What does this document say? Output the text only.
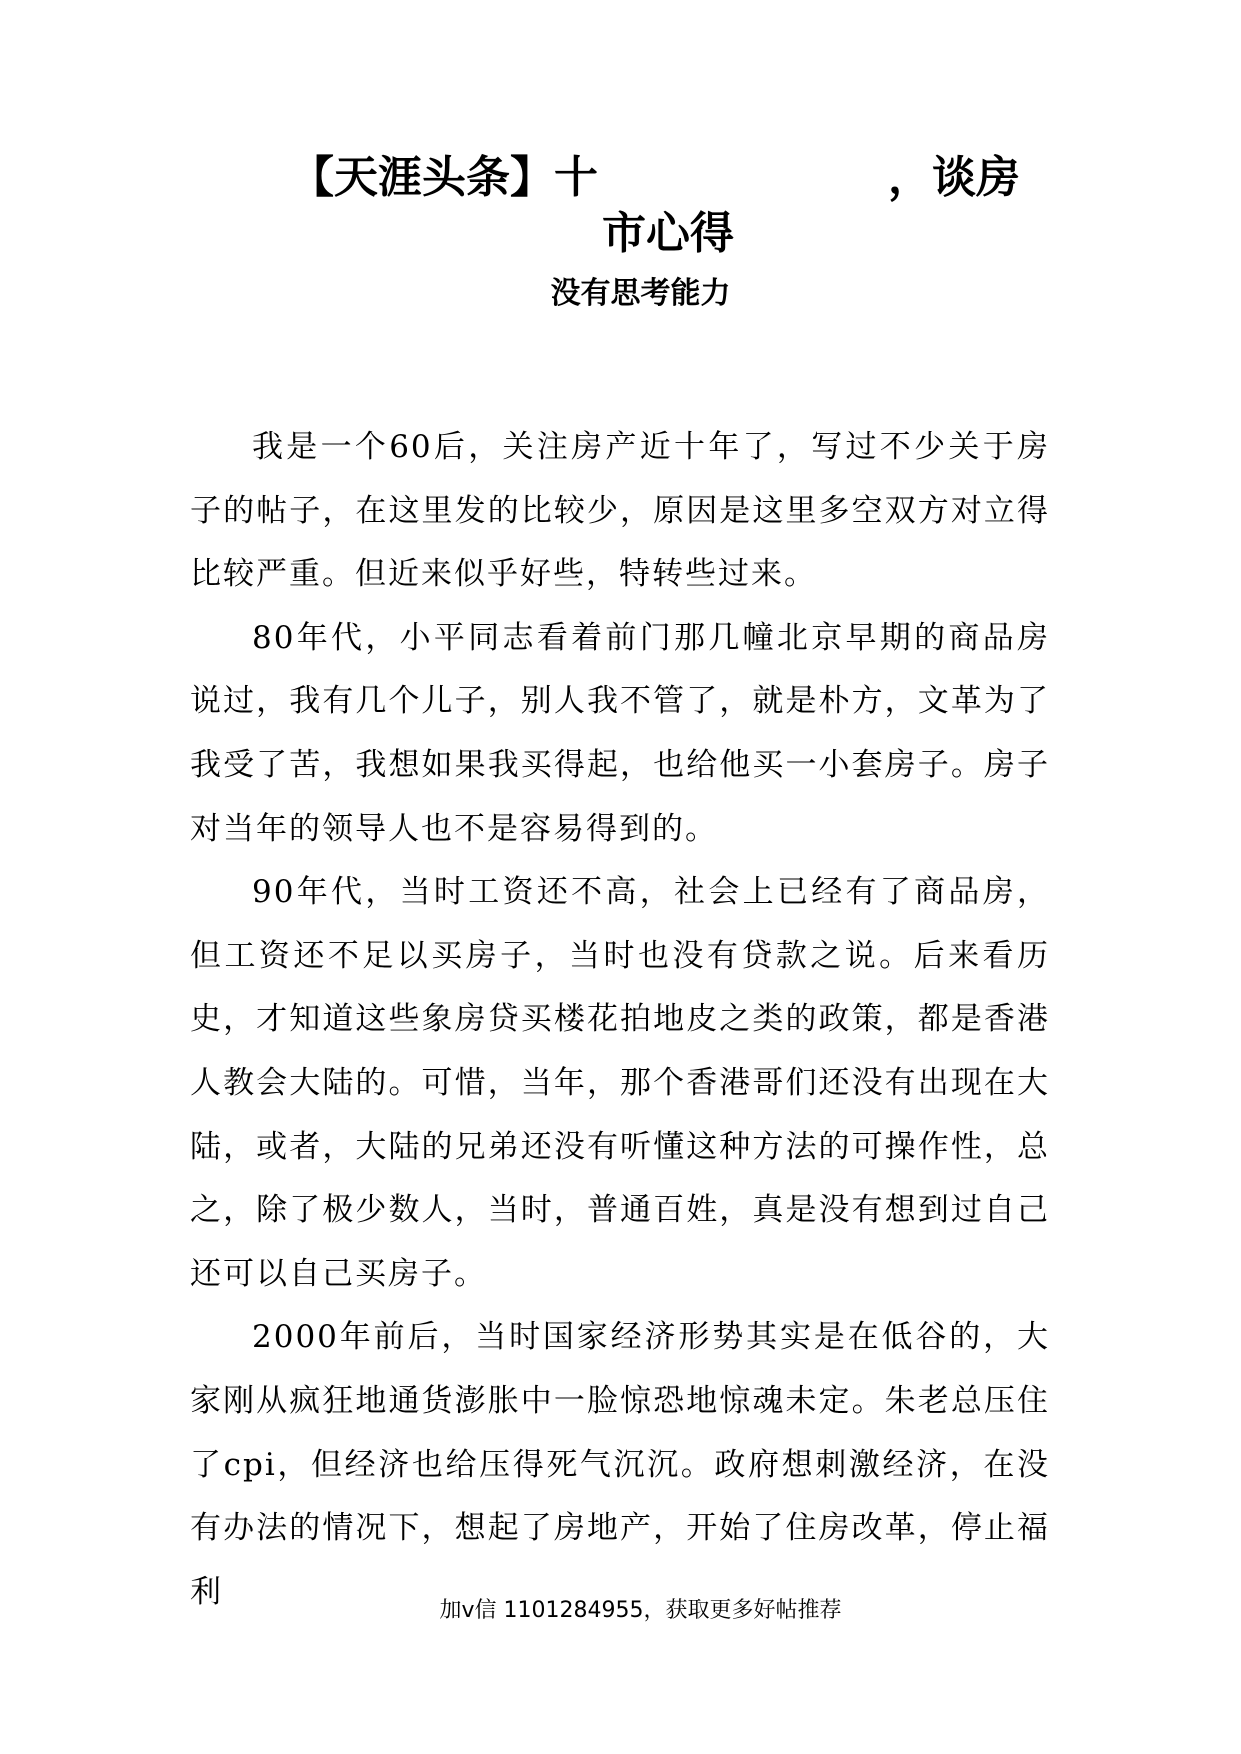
【天涯头条】十	，谈房
市心得
没有思考能力

我是一个60后，关注房产近十年了，写过不少关于房子的帖子，在这里发的比较少，原因是这里多空双方对立得比较严重。但近来似乎好些，特转些过来。

80年代，小平同志看着前门那几幢北京早期的商品房说过，我有几个儿子，别人我不管了，就是朴方，文革为了我受了苦，我想如果我买得起，也给他买一小套房子。房子对当年的领导人也不是容易得到的。

90年代，当时工资还不高，社会上已经有了商品房，但工资还不足以买房子，当时也没有贷款之说。后来看历史，才知道这些象房贷买楼花拍地皮之类的政策，都是香港人教会大陆的。可惜，当年，那个香港哥们还没有出现在大陆，或者，大陆的兄弟还没有听懂这种方法的可操作性，总之，除了极少数人，当时，普通百姓，真是没有想到过自己还可以自己买房子。

2000年前后，当时国家经济形势其实是在低谷的，大家刚从疯狂地通货澎胀中一脸惊恐地惊魂未定。朱老总压住了cpi，但经济也给压得死气沉沉。政府想刺激经济，在没有办法的情况下，想起了房地产，开始了住房改革，停止福利

加v信 1101284955，获取更多好帖推荐
